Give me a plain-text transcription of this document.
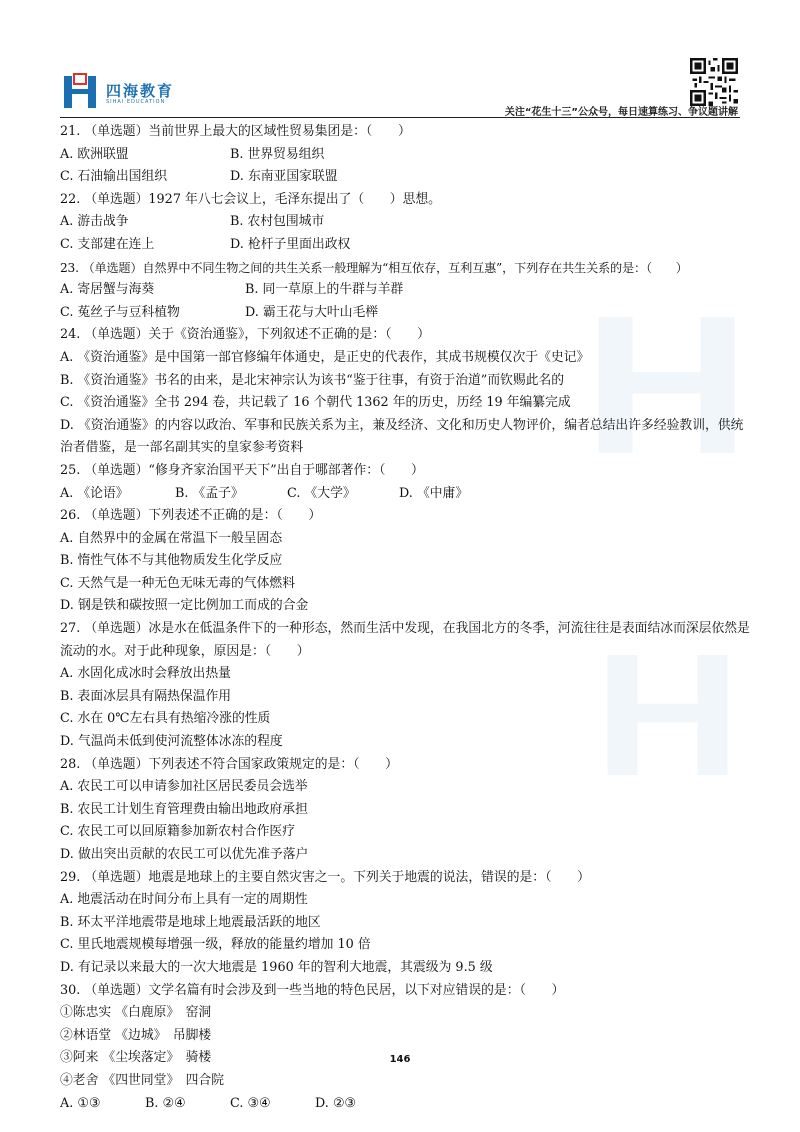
四海教育
SIHAI EDUCATION
关注“花生十三”公众号，每日速算练习、争议题讲解
21. （单选题）当前世界上最大的区域性贸易集团是：（　　）
A. 欧洲联盟	B. 世界贸易组织
C. 石油输出国组织	D. 东南亚国家联盟
22. （单选题）1927 年八七会议上，毛泽东提出了（　　）思想。
A. 游击战争	B. 农村包围城市
C. 支部建在连上	D. 枪杆子里面出政权
23. （单选题）自然界中不同生物之间的共生关系一般理解为“相互依存，互利互惠”，下列存在共生关系的是：（　　）
A. 寄居蟹与海葵	B. 同一草原上的牛群与羊群
C. 菟丝子与豆科植物	D. 霸王花与大叶山毛榉
24. （单选题）关于《资治通鉴》，下列叙述不正确的是：（　　）
A. 《资治通鉴》是中国第一部官修编年体通史，是正史的代表作，其成书规模仅次于《史记》
B. 《资治通鉴》书名的由来，是北宋神宗认为该书“鉴于往事，有资于治道”而钦赐此名的
C. 《资治通鉴》全书 294 卷，共记载了 16 个朝代 1362 年的历史，历经 19 年编纂完成
D. 《资治通鉴》的内容以政治、军事和民族关系为主，兼及经济、文化和历史人物评价，编者总结出许多经验教训，供统治者借鉴，是一部名副其实的皇家参考资料
25. （单选题）“修身齐家治国平天下”出自于哪部著作：（　　）
A. 《论语》	B. 《孟子》	C. 《大学》	D. 《中庸》
26. （单选题）下列表述不正确的是：（　　）
A. 自然界中的金属在常温下一般呈固态
B. 惰性气体不与其他物质发生化学反应
C. 天然气是一种无色无味无毒的气体燃料
D. 钢是铁和碳按照一定比例加工而成的合金
27. （单选题）冰是水在低温条件下的一种形态，然而生活中发现，在我国北方的冬季，河流往往是表面结冰而深层依然是流动的水。对于此种现象，原因是：（　　）
A. 水固化成冰时会释放出热量
B. 表面冰层具有隔热保温作用
C. 水在 0℃左右具有热缩冷涨的性质
D. 气温尚未低到使河流整体冰冻的程度
28. （单选题）下列表述不符合国家政策规定的是：（　　）
A. 农民工可以申请参加社区居民委员会选举
B. 农民工计划生育管理费由输出地政府承担
C. 农民工可以回原籍参加新农村合作医疗
D. 做出突出贡献的农民工可以优先准予落户
29. （单选题）地震是地球上的主要自然灾害之一。下列关于地震的说法，错误的是：（　　）
A. 地震活动在时间分布上具有一定的周期性
B. 环太平洋地震带是地球上地震最活跃的地区
C. 里氏地震规模每增强一级，释放的能量约增加 10 倍
D. 有记录以来最大的一次大地震是 1960 年的智利大地震，其震级为 9.5 级
30. （单选题）文学名篇有时会涉及到一些当地的特色民居，以下对应错误的是：（　　）
①陈忠实 《白鹿原》　窑洞
②林语堂 《边城》　吊脚楼
③阿来 《尘埃落定》　骑楼
④老舍 《四世同堂》　四合院
A. ①③	B. ②④	C. ③④	D. ②③
146
